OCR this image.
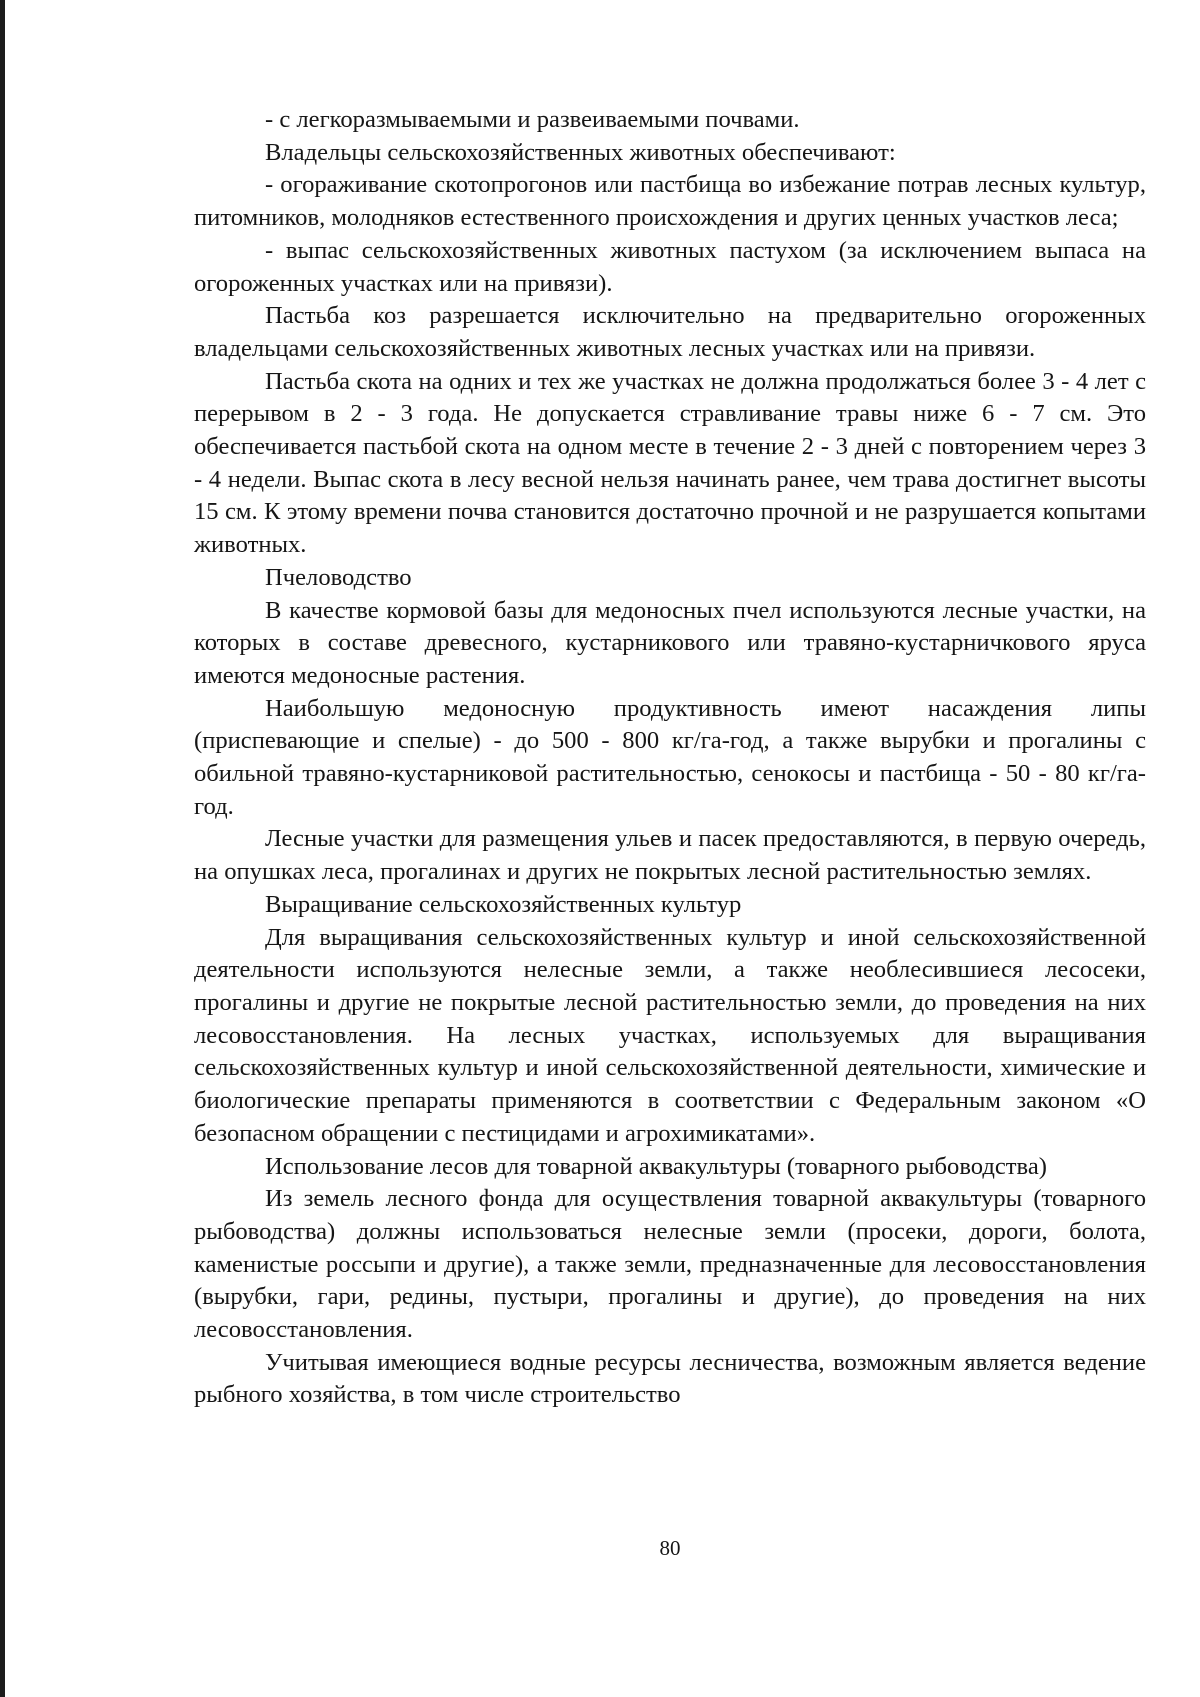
- с легкоразмываемыми и развеиваемыми почвами.

Владельцы сельскохозяйственных животных обеспечивают:

- огораживание скотопрогонов или пастбища во избежание потрав лесных культур, питомников, молодняков естественного происхождения и других ценных участков леса;

- выпас сельскохозяйственных животных пастухом (за исключением выпаса на огороженных участках или на привязи).

Пастьба коз разрешается исключительно на предварительно огороженных владельцами сельскохозяйственных животных лесных участках или на привязи.

Пастьба скота на одних и тех же участках не должна продолжаться более 3 - 4 лет с перерывом в 2 - 3 года. Не допускается стравливание травы ниже 6 - 7 см. Это обеспечивается пастьбой скота на одном месте в течение 2 - 3 дней с повторением через 3 - 4 недели. Выпас скота в лесу весной нельзя начинать ранее, чем трава достигнет высоты 15 см. К этому времени почва становится достаточно прочной и не разрушается копытами животных.

Пчеловодство

В качестве кормовой базы для медоносных пчел используются лесные участки, на которых в составе древесного, кустарникового или травяно-кустарничкового яруса имеются медоносные растения.

Наибольшую медоносную продуктивность имеют насаждения липы (приспевающие и спелые) - до 500 - 800 кг/га-год, а также вырубки и прогалины с обильной травяно-кустарниковой растительностью, сенокосы и пастбища - 50 - 80 кг/га-год.

Лесные участки для размещения ульев и пасек предоставляются, в первую очередь, на опушках леса, прогалинах и других не покрытых лесной растительностью землях.

Выращивание сельскохозяйственных культур

Для выращивания сельскохозяйственных культур и иной сельскохозяйственной деятельности используются нелесные земли, а также необлесившиеся лесосеки, прогалины и другие не покрытые лесной растительностью земли, до проведения на них лесовосстановления. На лесных участках, используемых для выращивания сельскохозяйственных культур и иной сельскохозяйственной деятельности, химические и биологические препараты применяются в соответствии с Федеральным законом «О безопасном обращении с пестицидами и агрохимикатами».

Использование лесов для товарной аквакультуры (товарного рыбоводства)

Из земель лесного фонда для осуществления товарной аквакультуры (товарного рыбоводства) должны использоваться нелесные земли (просеки, дороги, болота, каменистые россыпи и другие), а также земли, предназначенные для лесовосстановления (вырубки, гари, редины, пустыри, прогалины и другие), до проведения на них лесовосстановления.

Учитывая имеющиеся водные ресурсы лесничества, возможным является ведение рыбного хозяйства, в том числе строительство

80
